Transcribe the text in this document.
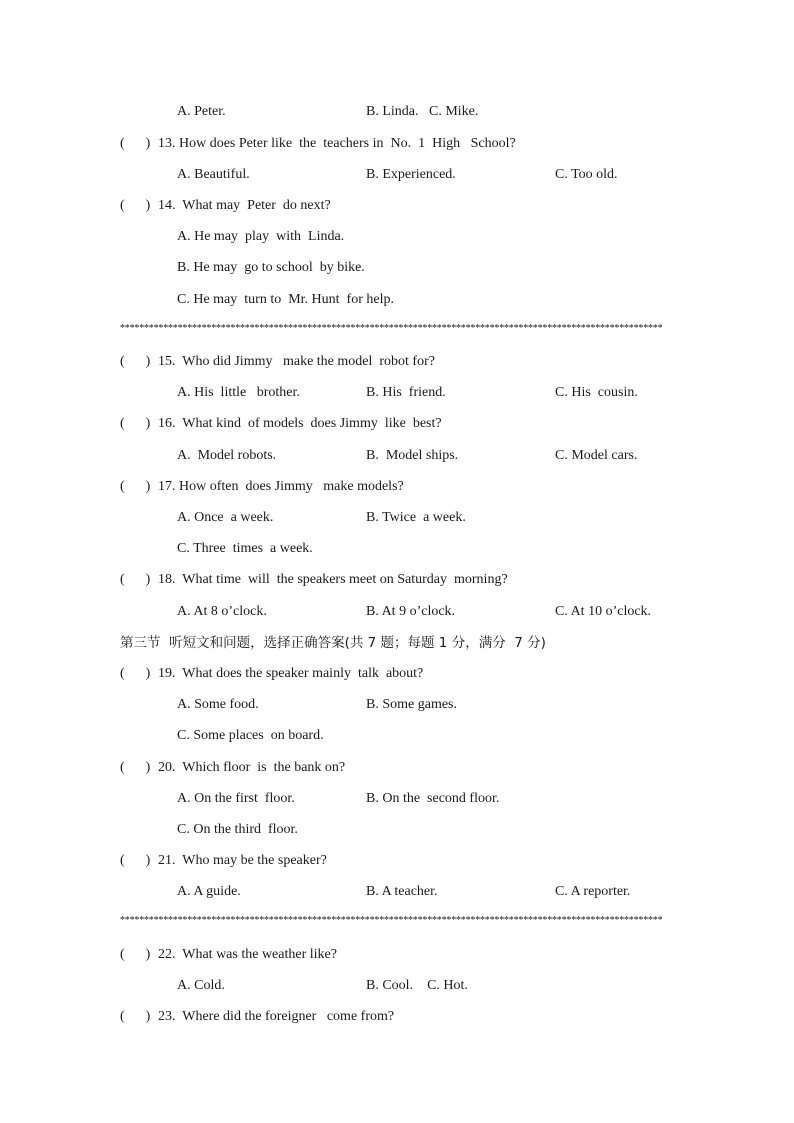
A. Peter.	B. Linda.   C. Mike.
(      ) 13. How does Peter like  the  teachers in  No.  1  High   School?
A. Beautiful.	B. Experienced.	C. Too old.
(      ) 14.  What may  Peter  do next?
A. He may  play  with  Linda.
B. He may  go to school  by bike.
C. He may  turn to  Mr. Hunt  for help.
*****************************************************************************************************************
(      ) 15.  Who did Jimmy   make the model  robot for?
A. His  little   brother.	B. His  friend.	C. His  cousin.
(      ) 16.  What kind  of models  does Jimmy  like  best?
A.  Model robots.	B.  Model ships.	C. Model cars.
(      ) 17. How often  does Jimmy   make models?
A. Once  a week.	B. Twice  a week.
C. Three  times  a week.
(      ) 18.  What time  will  the speakers meet on Saturday  morning?
A. At 8 o’clock.	B. At 9 o’clock.	C. At 10 o’clock.
第三节  听短文和问题，选择正确答案(共 7 题；每题 1 分，满分  7 分)
(      ) 19.  What does the speaker mainly  talk  about?
A. Some food.	B. Some games.
C. Some places  on board.
(      ) 20.  Which floor  is  the bank on?
A. On the first  floor.	B. On the  second floor.
C. On the third  floor.
(      ) 21.  Who may be the speaker?
A. A guide.	B. A teacher.	C. A reporter.
*****************************************************************************************************************
(      ) 22.  What was the weather like?
A. Cold.	B. Cool.    C. Hot.
(      ) 23.  Where did the foreigner   come from?
